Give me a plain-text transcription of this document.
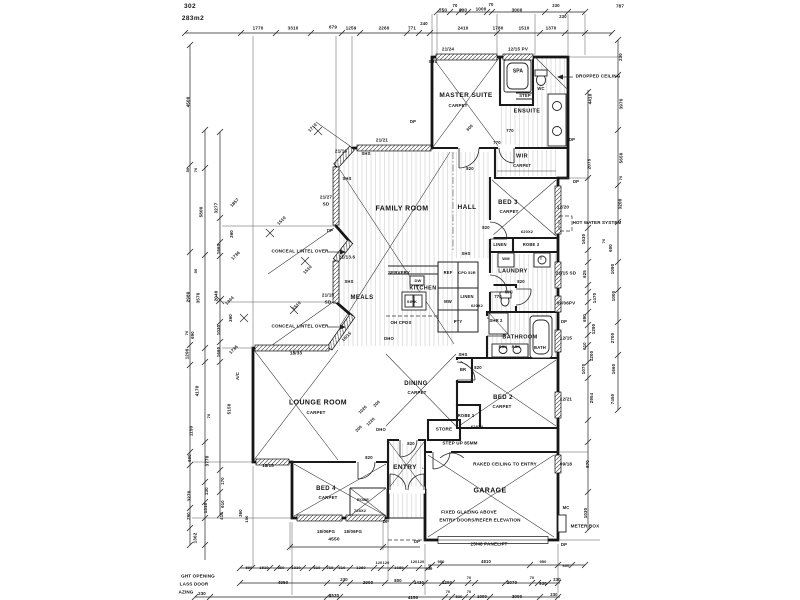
302
283m2
750
70
600 1000
70
3000
230
230
787
1770	3310	679 1259	2260	771
240
2410	1780	1510	1370
4500
50 70
5800 3277
1857
360
1660
1736
50
2980 3570	2040 1444
360
1030
1290	1660 1736
70 690
4170
5150
70
1150
690	3770
170
3270	230
610
1310
410	360
150
290
1362
A/C
230
4410	3970
2075
5650
70
3200
1630	70
600
625	1090
1470	1000
690
1290
2700
610
1200
1070	1660
2954	7450
870
1030
21/24	12/15 PV
SHS
SPA
STEP
WC
ENSUITE
DROPPED CEILING
MASTER SUITE
CARPET
600	770
770
WIR
CARPET
DP
DP
DP
DP
DP
DP
DP
DP
21/21
21/16	SHS
SHS
1710
21/27
SD
1510
1510
1510
FAMILY ROOM	HALL
820
820
BED 3
CARPET
12/20
HOT WATER SYSTEM
620X2
LINEN	ROBE 3
WM	T
LAUNDRY
820
21/15 SD
09/06PV
770
WC
CONCEAL LINTEL OVER
CONCEAL LINTEL OVER
21/13.6
SHS
21/15
SD
MEALS
SERVERY
DW
KITCHEN
SINK
OH CPDS
DHO
DHO
REF CPD 52R
LINEN
MW
620X2
PTY
SHS
SHR 2
BATHROOM
BSN BSN	BATH
12/15
18/15
18/33
LOUNGE ROOM
CARPET
DINING
CARPET
1026
200
1226
200
BED 2
CARPET
SHS
BR 820
ROBE 2
628X4
12/21
STORE
820	STEP UP 85MM
18/15
BED 4
CARPET	ROBE
728X2
820
ENTRY ←
RAKED CEILING TO ENTRY
GARAGE
FIXED GLAZING ABOVE
ENTRY DOORS/REFER ELEVATION
25/48 PANELIFT
09/18
MC
METER BOX
18/06FG 18/06FG
4550
590 1510 360 1310	610 710 610	1280
120 120
1680
120 120
950
950	4810	950
600
4950
230
2900	800	1430	1200
70
2070
70
930
230
230	4530	4150
70
530
70
1000	3000	230
GHT OPENING
LASS DOOR
AZING
